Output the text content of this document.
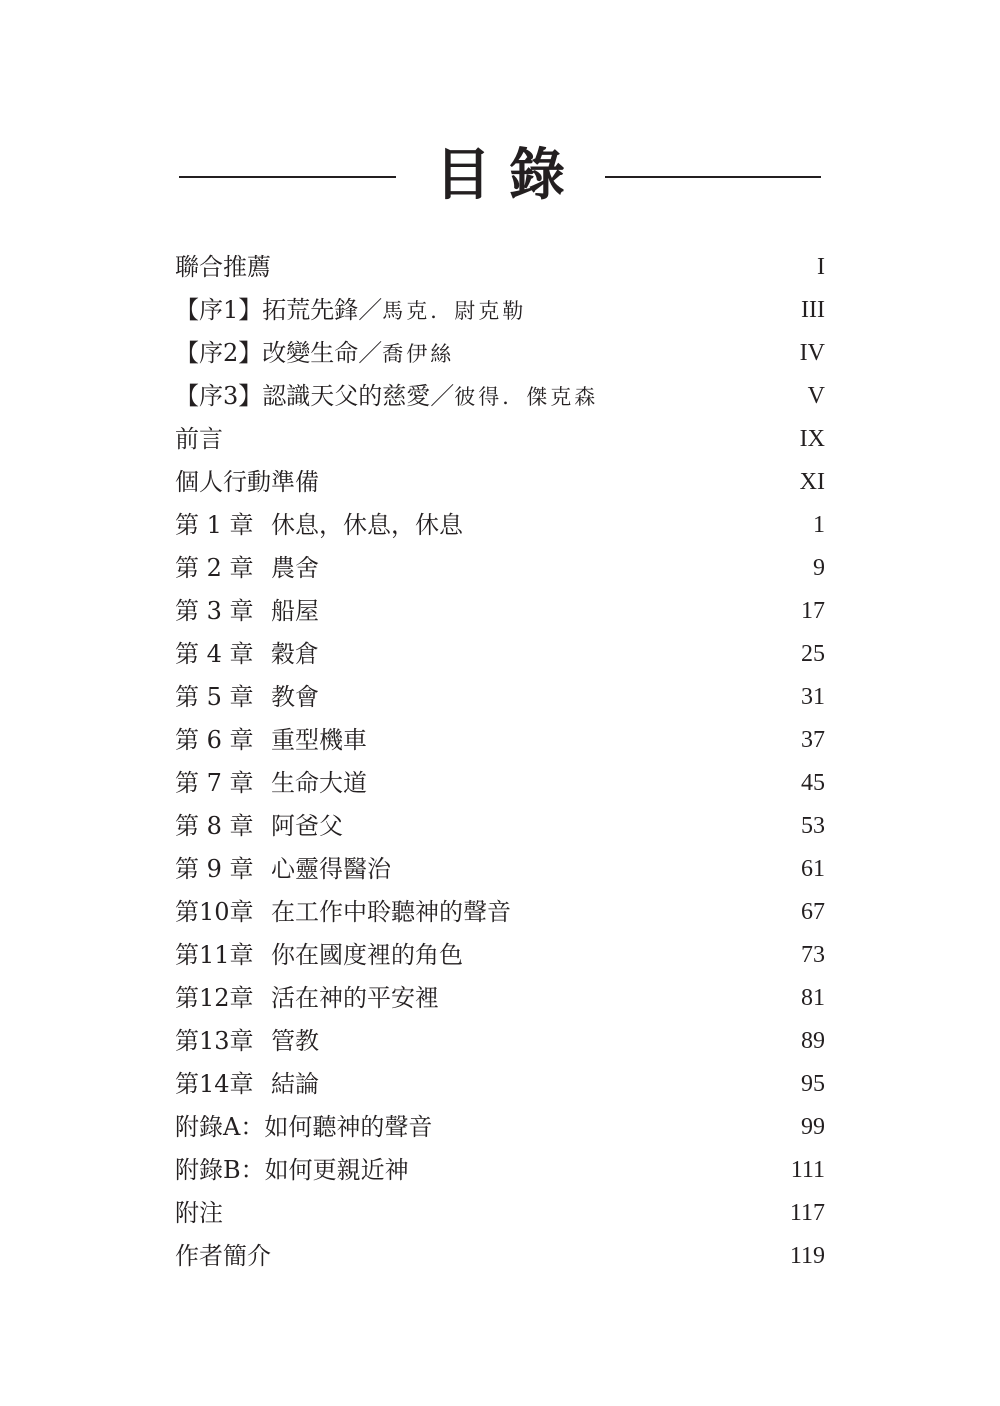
目錄
聯合推薦	I
【序1】拓荒先鋒／馬克．尉克勒	III
【序2】改變生命／喬伊絲	IV
【序3】認識天父的慈愛／彼得．傑克森	V
前言	IX
個人行動準備	XI
第 1 章 休息，休息，休息	1
第 2 章 農舍	9
第 3 章 船屋	17
第 4 章 穀倉	25
第 5 章 教會	31
第 6 章 重型機車	37
第 7 章 生命大道	45
第 8 章 阿爸父	53
第 9 章 心靈得醫治	61
第10章 在工作中聆聽神的聲音	67
第11章 你在國度裡的角色	73
第12章 活在神的平安裡	81
第13章 管教	89
第14章 結論	95
附錄A：如何聽神的聲音	99
附錄B：如何更親近神	111
附注	117
作者簡介	119
